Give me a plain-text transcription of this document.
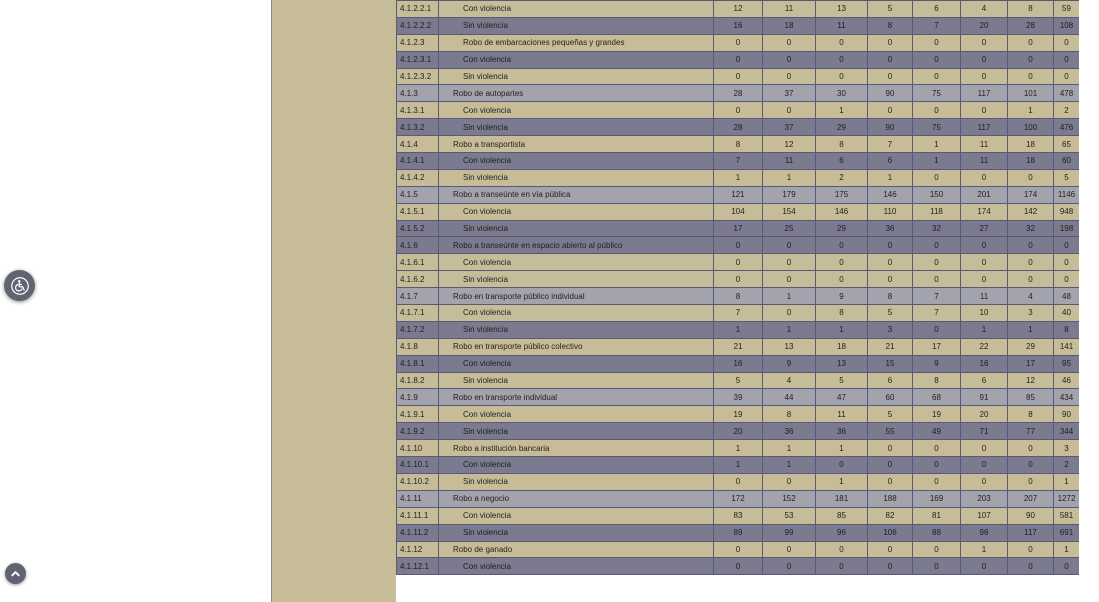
4.1.2.2.1	Con violencia	12	11	13	5	6	4	8	59
4.1.2.2.2	Sin violencia	16	18	11	8	7	20	28	108
4.1.2.3	Robo de embarcaciones pequeñas y grandes	0	0	0	0	0	0	0	0
4.1.2.3.1	Con violencia	0	0	0	0	0	0	0	0
4.1.2.3.2	Sin violencia	0	0	0	0	0	0	0	0
4.1.3	Robo de autopartes	28	37	30	90	75	117	101	478
4.1.3.1	Con violencia	0	0	1	0	0	0	1	2
4.1.3.2	Sin violencia	28	37	29	90	75	117	100	476
4.1.4	Robo a transportista	8	12	8	7	1	11	18	65
4.1.4.1	Con violencia	7	11	6	6	1	11	18	60
4.1.4.2	Sin violencia	1	1	2	1	0	0	0	5
4.1.5	Robo a transeúnte en vía pública	121	179	175	146	150	201	174	1146
4.1.5.1	Con violencia	104	154	146	110	118	174	142	948
4.1.5.2	Sin violencia	17	25	29	36	32	27	32	198
4.1.6	Robo a transeúnte en espacio abierto al público	0	0	0	0	0	0	0	0
4.1.6.1	Con violencia	0	0	0	0	0	0	0	0
4.1.6.2	Sin violencia	0	0	0	0	0	0	0	0
4.1.7	Robo en transporte público individual	8	1	9	8	7	11	4	48
4.1.7.1	Con violencia	7	0	8	5	7	10	3	40
4.1.7.2	Sin violencia	1	1	1	3	0	1	1	8
4.1.8	Robo en transporte público colectivo	21	13	18	21	17	22	29	141
4.1.8.1	Con violencia	16	9	13	15	9	16	17	95
4.1.8.2	Sin violencia	5	4	5	6	8	6	12	46
4.1.9	Robo en transporte individual	39	44	47	60	68	91	85	434
4.1.9.1	Con violencia	19	8	11	5	19	20	8	90
4.1.9.2	Sin violencia	20	36	36	55	49	71	77	344
4.1.10	Robo a institución bancaria	1	1	1	0	0	0	0	3
4.1.10.1	Con violencia	1	1	0	0	0	0	0	2
4.1.10.2	Sin violencia	0	0	1	0	0	0	0	1
4.1.11	Robo a negocio	172	152	181	188	169	203	207	1272
4.1.11.1	Con violencia	83	53	85	82	81	107	90	581
4.1.11.2	Sin violencia	89	99	96	106	88	96	117	691
4.1.12	Robo de ganado	0	0	0	0	0	1	0	1
4.1.12.1	Con violencia	0	0	0	0	0	0	0	0
